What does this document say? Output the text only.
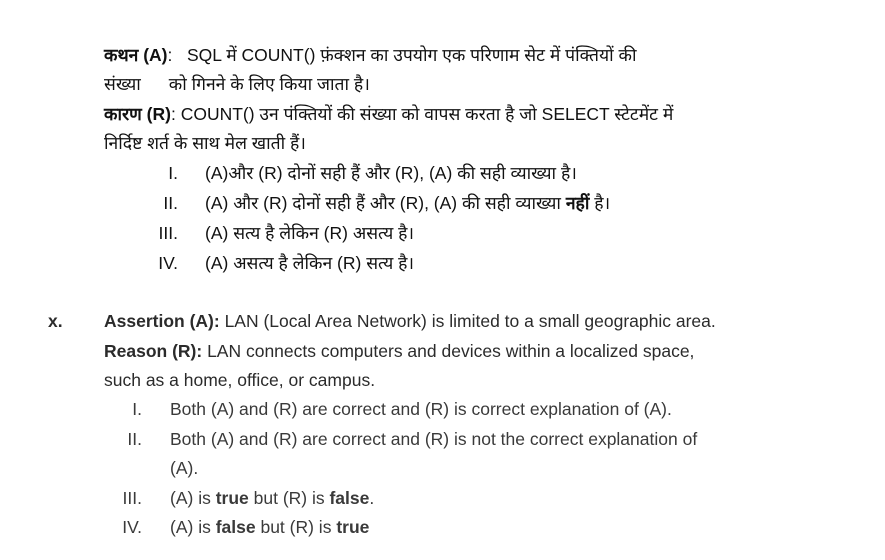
कथन (A): SQL में COUNT() फ़ंक्शन का उपयोग एक परिणाम सेट में पंक्तियों की
संख्या को गिनने के लिए किया जाता है।
कारण (R): COUNT() उन पंक्तियों की संख्या को वापस करता है जो SELECT स्टेटमेंट में
निर्दिष्ट शर्त के साथ मेल खाती हैं।
I. (A)और (R) दोनों सही हैं और (R), (A) की सही व्याख्या है।
II. (A) और (R) दोनों सही हैं और (R), (A) की सही व्याख्या नहीं है।
III. (A) सत्य है लेकिन (R) असत्य है।
IV. (A) असत्य है लेकिन (R) सत्य है।
x. Assertion (A): LAN (Local Area Network) is limited to a small geographic area.
Reason (R): LAN connects computers and devices within a localized space,
such as a home, office, or campus.
I. Both (A) and (R) are correct and (R) is correct explanation of (A).
II. Both (A) and (R) are correct and (R) is not the correct explanation of
(A).
III. (A) is true but (R) is false.
IV. (A) is false but (R) is true
